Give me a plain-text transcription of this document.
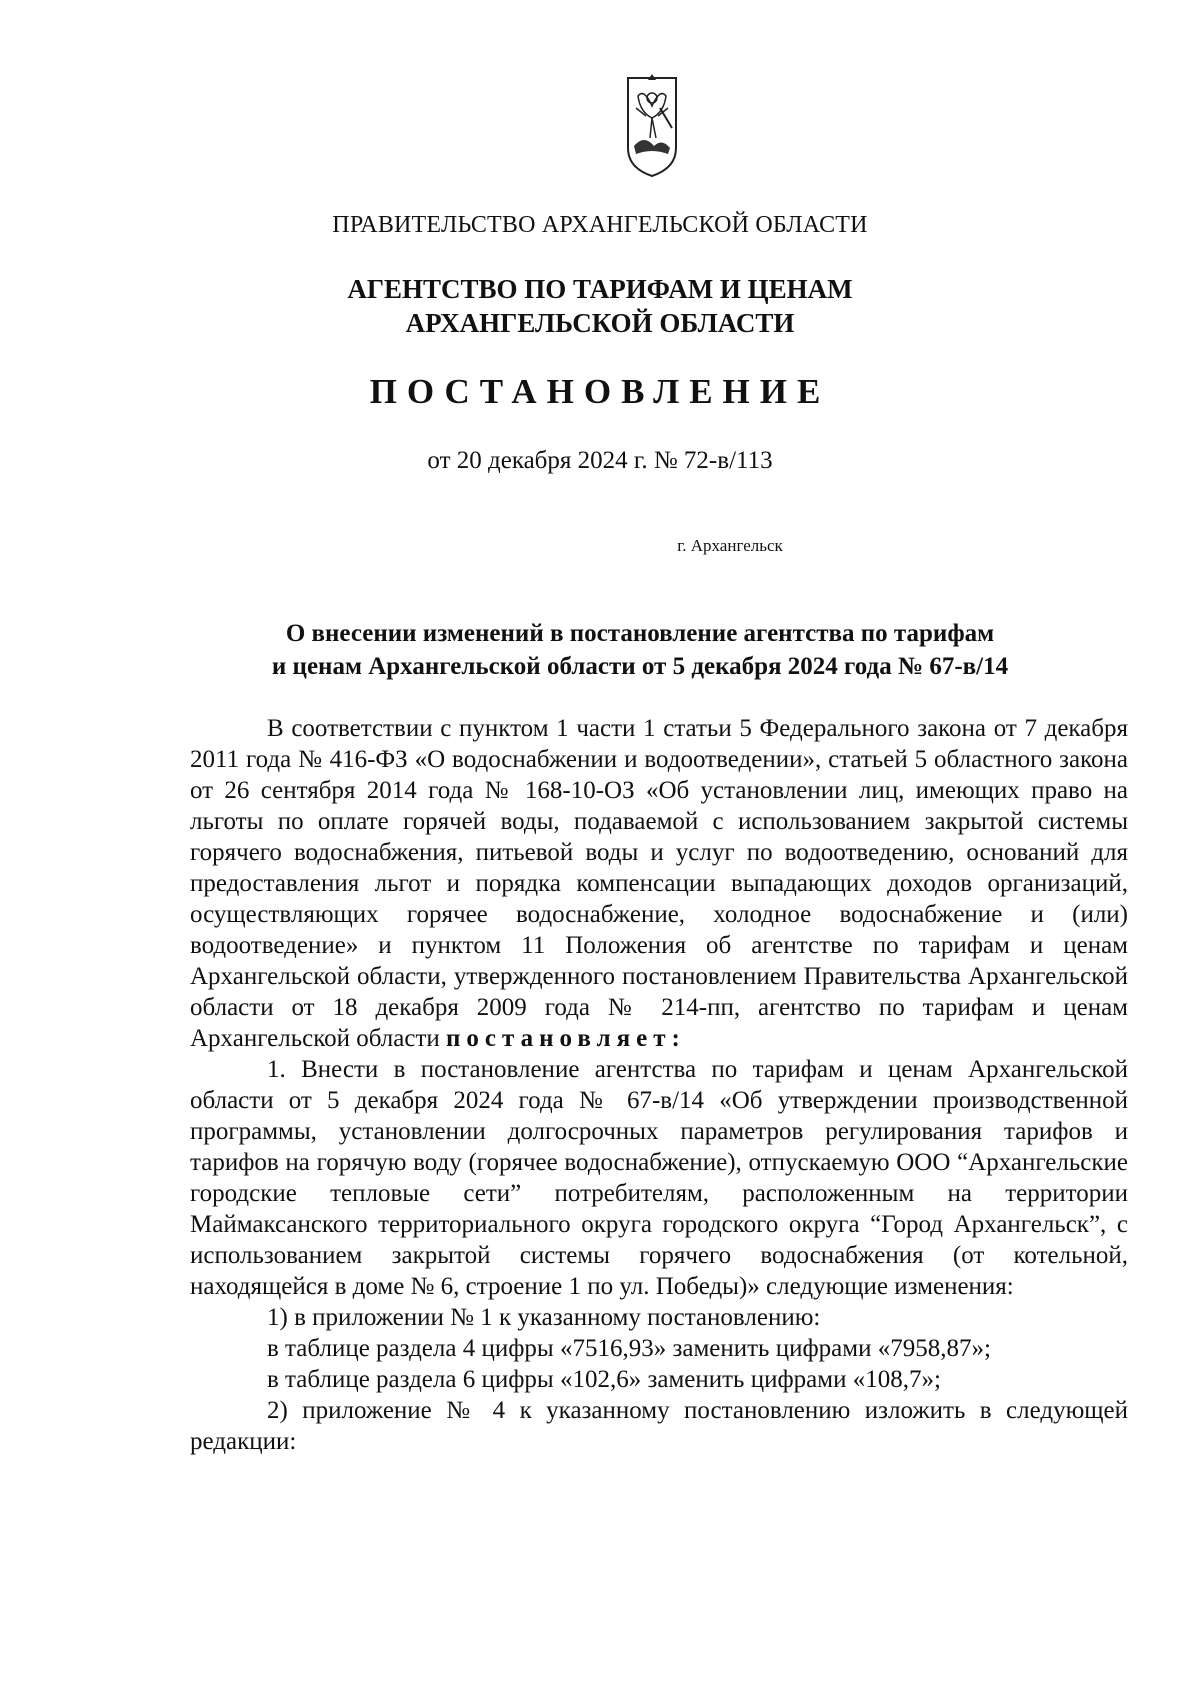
ПРАВИТЕЛЬСТВО АРХАНГЕЛЬСКОЙ ОБЛАСТИ
АГЕНТСТВО ПО ТАРИФАМ И ЦЕНАМ
АРХАНГЕЛЬСКОЙ ОБЛАСТИ
ПОСТАНОВЛЕНИЕ
от 20 декабря 2024 г. № 72-в/113
г. Архангельск
О внесении изменений в постановление агентства по тарифам
и ценам Архангельской области от 5 декабря 2024 года № 67-в/14

В соответствии с пунктом 1 части 1 статьи 5 Федерального закона от 7 декабря 2011 года № 416-ФЗ «О водоснабжении и водоотведении», статьей 5 областного закона от 26 сентября 2014 года № 168-10-ОЗ «Об установлении лиц, имеющих право на льготы по оплате горячей воды, подаваемой с использованием закрытой системы горячего водоснабжения, питьевой воды и услуг по водоотведению, оснований для предоставления льгот и порядка компенсации выпадающих доходов организаций, осуществляющих горячее водоснабжение, холодное водоснабжение и (или) водоотведение» и пунктом 11 Положения об агентстве по тарифам и ценам Архангельской области, утвержденного постановлением Правительства Архангельской области от 18 декабря 2009 года № 214-пп, агентство по тарифам и ценам Архангельской области постановляет:

1. Внести в постановление агентства по тарифам и ценам Архангельской области от 5 декабря 2024 года № 67-в/14 «Об утверждении производственной программы, установлении долгосрочных параметров регулирования тарифов и тарифов на горячую воду (горячее водоснабжение), отпускаемую ООО “Архангельские городские тепловые сети” потребителям, расположенным на территории Маймаксанского территориального округа городского округа “Город Архангельск”, с использованием закрытой системы горячего водоснабжения (от котельной, находящейся в доме № 6, строение 1 по ул. Победы)» следующие изменения:

1) в приложении № 1 к указанному постановлению:

в таблице раздела 4 цифры «7516,93» заменить цифрами «7958,87»;

в таблице раздела 6 цифры «102,6» заменить цифрами «108,7»;

2) приложение № 4 к указанному постановлению изложить в следующей редакции:
